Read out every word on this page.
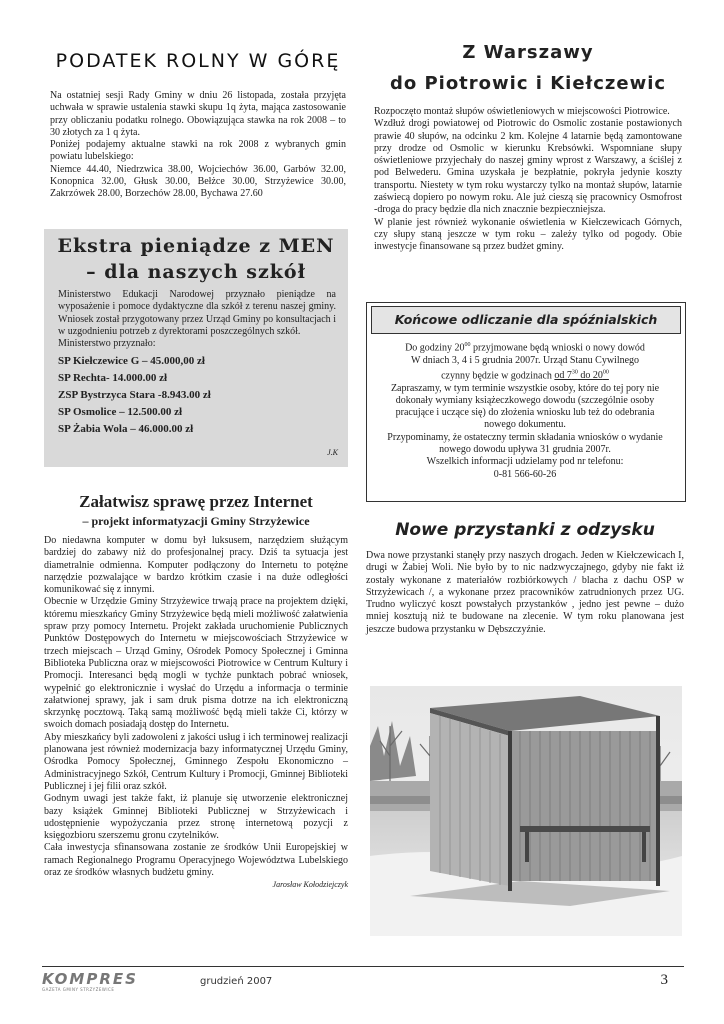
PODATEK ROLNY W GÓRĘ

Na ostatniej sesji Rady Gminy w dniu 26 listopada, została przyjęta uchwała w sprawie ustalenia stawki skupu 1q żyta, mająca zastosowanie przy obliczaniu podatku rolnego. Obowiązująca stawka na rok 2008 – to 30 złotych za 1 q żyta.

Poniżej podajemy aktualne stawki na rok 2008 z wybranych gmin powiatu lubelskiego:

Niemce 44.40, Niedrzwica 38.00, Wojciechów 36.00, Garbów 32.00, Konopnica 32.00, Głusk 30.00, Bełżce 30.00, Strzyżewice 30.00, Zakrzówek 28.00, Borzechów 28.00, Bychawa 27.60

Ekstra pieniądze z MEN
– dla naszych szkół

Ministerstwo Edukacji Narodowej przyznało pieniądze na wyposażenie i pomoce dydaktyczne dla szkół z terenu naszej gminy. Wniosek został przygotowany przez Urząd Gminy po konsultacjach i w uzgodnieniu potrzeb z dyrektorami poszczególnych szkół.

Ministerstwo przyznało:

SP Kiełczewice G – 45.000,00 zł
SP Rechta- 14.000.00 zł
ZSP Bystrzyca Stara -8.943.00 zł
SP Osmolice – 12.500.00 zł
SP Żabia Wola – 46.000.00 zł
J.K
Załatwisz sprawę przez Internet
– projekt informatyzacji Gminy Strzyżewice

Do niedawna komputer w domu był luksusem, narzędziem służącym bardziej do zabawy niż do profesjonalnej pracy. Dziś ta sytuacja jest diametralnie odmienna. Komputer podłączony do Internetu to potężne narzędzie pozwalające w bardzo krótkim czasie i na duże odległości komunikować się z innymi.

Obecnie w Urzędzie Gminy Strzyżewice trwają prace na projektem dzięki, któremu mieszkańcy Gminy Strzyżewice będą mieli możliwość załatwienia spraw przy pomocy Internetu. Projekt zakłada uruchomienie Publicznych Punktów Dostępowych do Internetu w miejscowościach Strzyżewice w trzech miejscach – Urząd Gminy, Ośrodek Pomocy Społecznej i Gminna Biblioteka Publiczna oraz w miejscowości Piotrowice w Centrum Kultury i Promocji. Interesanci będą mogli w tychże punktach pobrać wniosek, wypełnić go elektronicznie i wysłać do Urzędu a informacja o terminie załatwionej sprawy, jak i sam druk pisma dotrze na ich elektroniczną skrzynkę pocztową. Taką samą możliwość będą mieli także Ci, którzy w swoich domach posiadają dostęp do Internetu.

Aby mieszkańcy byli zadowoleni z jakości usług i ich terminowej realizacji planowana jest również modernizacja bazy informatycznej Urzędu Gminy, Ośrodka Pomocy Społecznej, Gminnego Zespołu Ekonomiczno – Administracyjnego Szkół, Centrum Kultury i Promocji, Gminnej Biblioteki Publicznej i jej filii oraz szkół.

Godnym uwagi jest także fakt, iż planuje się utworzenie elektronicznej bazy książek Gminnej Biblioteki Publicznej w Strzyżewicach i udostępnienie wypożyczania przez stronę internetową pozycji z księgozbioru szerszemu gronu czytelników.

Cała inwestycja sfinansowana zostanie ze środków Unii Europejskiej w ramach Regionalnego Programu Operacyjnego Województwa Lubelskiego oraz ze środków własnych budżetu gminy.

Jarosław Kołodziejczyk
Z Warszawy
do Piotrowic i Kiełczewic

Rozpoczęto montaż słupów oświetleniowych w miejscowości Piotrowice.

Wzdłuż drogi powiatowej od Piotrowic do Osmolic zostanie postawionych prawie 40 słupów, na odcinku 2 km. Kolejne 4 latarnie będą zamontowane przy drodze od Osmolic w kierunku Krebsówki. Wspomniane słupy oświetleniowe przyjechały do naszej gminy wprost z Warszawy, a ściślej z pod Belwederu. Gmina uzyskała je bezpłatnie, pokryła jedynie koszty transportu. Niestety w tym roku wystarczy tylko na montaż słupów, latarnie zaświecą dopiero po nowym roku. Ale już cieszą się pracownicy Osmofrost -droga do pracy będzie dla nich znacznie bezpieczniejsza.

W planie jest również wykonanie oświetlenia w Kiełczewicach Górnych, czy słupy staną jeszcze w tym roku – zależy tylko od pogody. Obie inwestycje finansowane są przez budżet gminy.

Końcowe odliczanie dla spóźnialskich
Do godziny $20^{00}$ przyjmowane będą wnioski o nowy dowód
W dniach 3, 4 i 5 grudnia 2007r. Urząd Stanu Cywilnego
czynny będzie w godzinach od $7^{30}$ do $20^{00}$

Zapraszamy, w tym terminie wszystkie osoby, które do tej pory nie dokonały wymiany książeczkowego dowodu (szczególnie osoby pracujące i uczące się) do złożenia wniosku lub też do odebrania nowego dokumentu.

Przypominamy, że ostateczny termin składania wniosków o wydanie nowego dowodu upływa 31 grudnia 2007r.

Wszelkich informacji udzielamy pod nr telefonu:

0-81 566-60-26

Nowe przystanki z odzysku

Dwa nowe przystanki stanęły przy naszych drogach. Jeden w Kiełczewicach I, drugi w Żabiej Woli. Nie było by to nic nadzwyczajnego, gdyby nie fakt iż zostały wykonane z materiałów rozbiórkowych / blacha z dachu OSP w Strzyżewicach /, a wykonane przez pracowników zatrudnionych przez UG. Trudno wyliczyć koszt powstałych przystanków , jedno jest pewne – dużo mniej kosztują niż te budowane na zlecenie. W tym roku planowana jest jeszcze budowa przystanku w Dębszczyźnie.

KOMPRES
GAZETA GMINY STRZYŻEWICE
grudzień 2007	3
